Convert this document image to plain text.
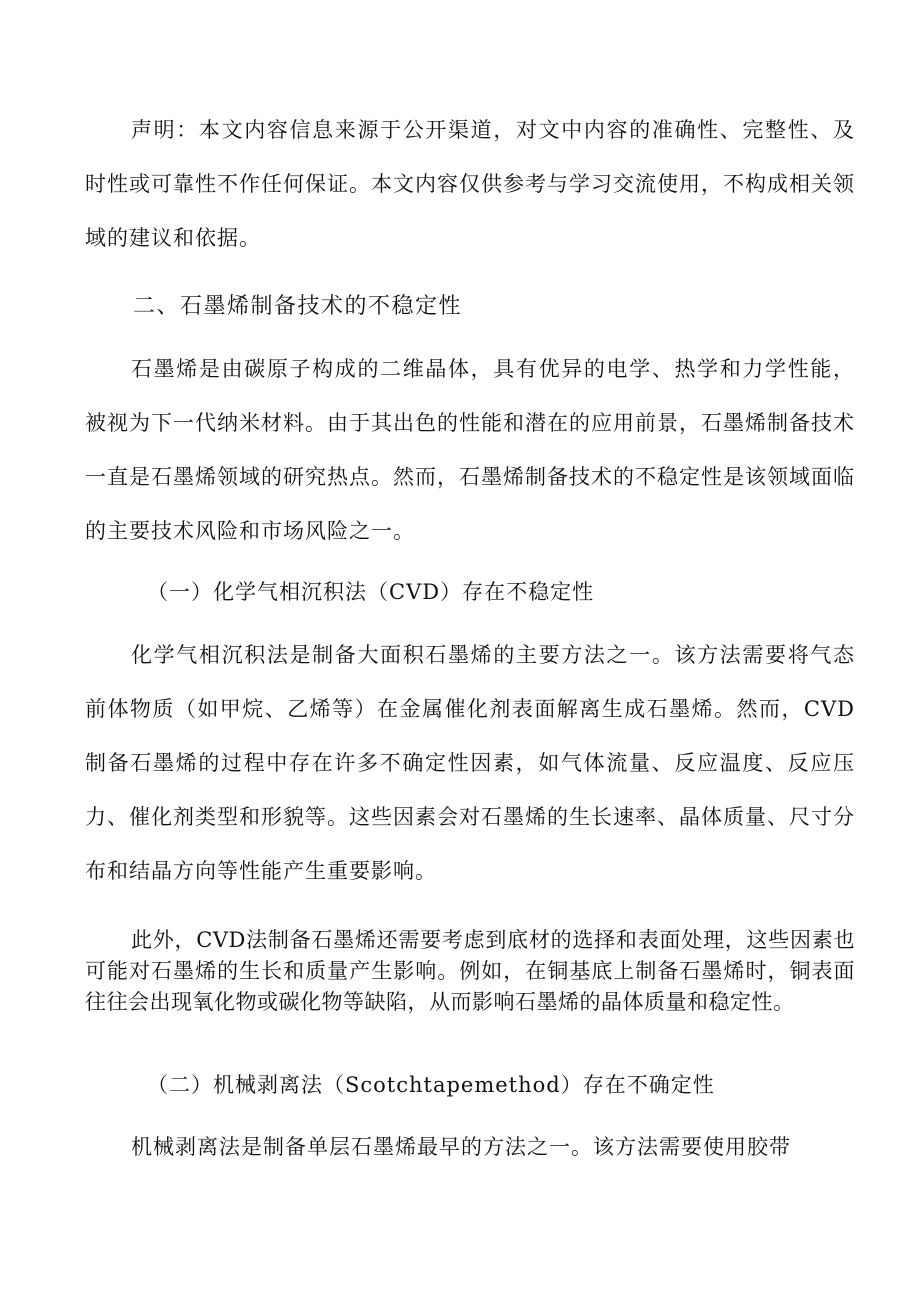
声明：本文内容信息来源于公开渠道，对文中内容的准确性、完整性、及时性或可靠性不作任何保证。本文内容仅供参考与学习交流使用，不构成相关领域的建议和依据。

二、石墨烯制备技术的不稳定性

石墨烯是由碳原子构成的二维晶体，具有优异的电学、热学和力学性能，被视为下一代纳米材料。由于其出色的性能和潜在的应用前景，石墨烯制备技术一直是石墨烯领域的研究热点。然而，石墨烯制备技术的不稳定性是该领域面临的主要技术风险和市场风险之一。

（一）化学气相沉积法（CVD）存在不稳定性

化学气相沉积法是制备大面积石墨烯的主要方法之一。该方法需要将气态前体物质（如甲烷、乙烯等）在金属催化剂表面解离生成石墨烯。然而，CVD制备石墨烯的过程中存在许多不确定性因素，如气体流量、反应温度、反应压力、催化剂类型和形貌等。这些因素会对石墨烯的生长速率、晶体质量、尺寸分布和结晶方向等性能产生重要影响。

此外，CVD法制备石墨烯还需要考虑到底材的选择和表面处理，这些因素也可能对石墨烯的生长和质量产生影响。例如，在铜基底上制备石墨烯时，铜表面往往会出现氧化物或碳化物等缺陷，从而影响石墨烯的晶体质量和稳定性。

（二）机械剥离法（Scotchtapemethod）存在不确定性

机械剥离法是制备单层石墨烯最早的方法之一。该方法需要使用胶带
